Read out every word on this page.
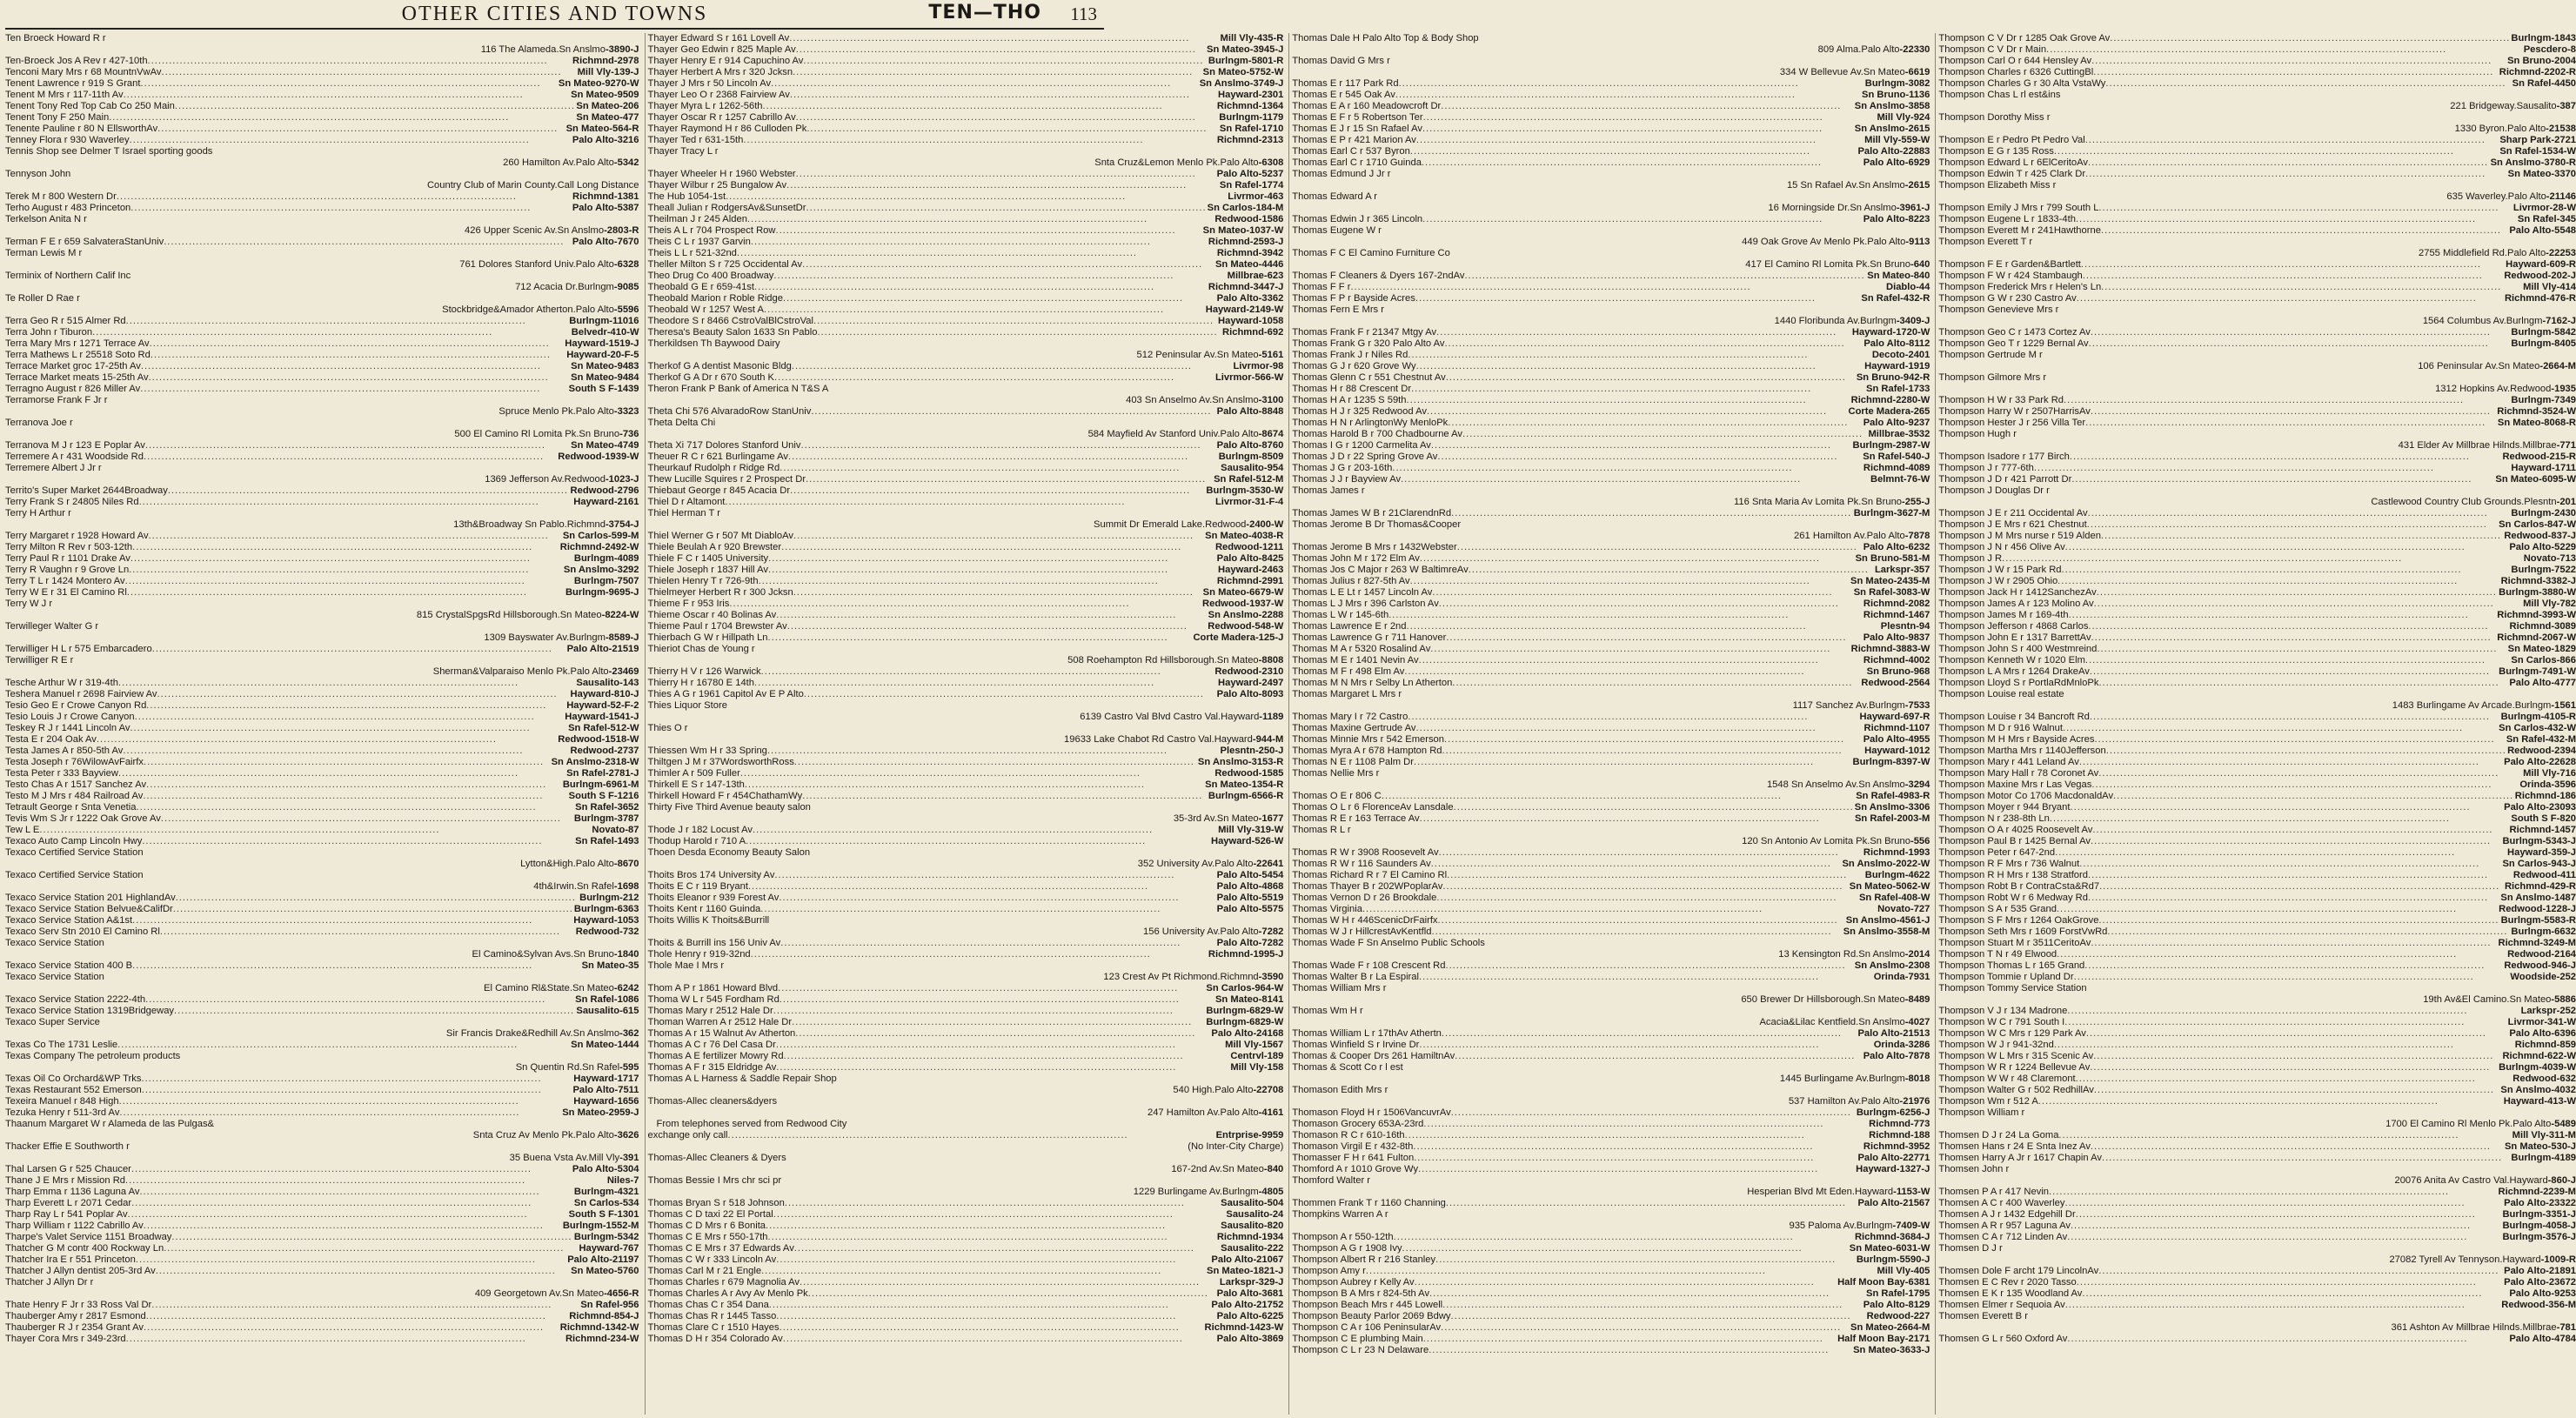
OTHER CITIES AND TOWNS	TEN—THO 113
Ten Broeck Howard R r
116 The Alameda.Sn Anslmo-3890-J
Ten-Broeck Jos A Rev r 427-10th .....	Richmnd-2978
Tenconi Mary Mrs r 68 MountnVwAv .....	Mill Vly-139-J
Tenent Lawrence r 919 S Grant .....	Sn Mateo-9270-W
Tenent M Mrs r 117-11th Av .....	Sn Mateo-9509
Tenent Tony Red Top Cab Co 250 Main .....	Sn Mateo-206
Tenent Tony F 250 Main .....	Sn Mateo-477
Tenente Pauline r 80 N EllsworthAv .....	Sn Mateo-564-R
Tenney Flora r 930 Waverley .....	Palo Alto-3216
Tennis Shop see Delmer T Israel sporting goods
260 Hamilton Av.Palo Alto-5342
Tennyson John
Country Club of Marin County.Call Long Distance
Terek M r 800 Western Dr .....	Richmnd-1381
Terho August r 483 Princeton .....	Palo Alto-5387
Terkelson Anita N r
426 Upper Scenic Av.Sn Anslmo-2803-R
Terman F E r 659 SalvateraStanUniv .....	Palo Alto-7670
Terman Lewis M r
761 Dolores Stanford Univ.Palo Alto-6328
Terminix of Northern Calif Inc
712 Acacia Dr.Burlngm-9085
Te Roller D Rae r
Stockbridge&Amador Atherton.Palo Alto-5596
Terra Geo R r 515 Almer Rd .....	Burlngm-11016
Terra John r Tiburon .....	Belvedr-410-W
Terra Mary Mrs r 1271 Terrace Av .....	Hayward-1519-J
Terra Mathews L r 25518 Soto Rd .....	Hayward-20-F-5
Terrace Market groc 17-25th Av .....	Sn Mateo-9483
Terrace Market meats 15-25th Av .....	Sn Mateo-9484
Terragno August r 826 Miller Av .....	South S F-1439
Terramorse Frank F Jr r
Spruce Menlo Pk.Palo Alto-3323
Terranova Joe r
500 El Camino Rl Lomita Pk.Sn Bruno-736
Terranova M J r 123 E Poplar Av .....	Sn Mateo-4749
Terremere A r 431 Woodside Rd .....	Redwood-1939-W
Terremere Albert J Jr r
1369 Jefferson Av.Redwood-1023-J
Territo's Super Market 2644Broadway .....	Redwood-2796
Terry Frank S r 24805 Niles Rd .....	Hayward-2161
Terry H Arthur r
13th&Broadway Sn Pablo.Richmnd-3754-J
Terry Margaret r 1928 Howard Av .....	Sn Carlos-599-M
Terry Milton R Rev r 503-12th .....	Richmnd-2492-W
Terry Paul R r 1101 Drake Av .....	Burlngm-4089
Terry R Vaughn r 9 Grove Ln .....	Sn Anslmo-3292
Terry T L r 1424 Montero Av .....	Burlngm-7507
Terry W E r 31 El Camino Rl .....	Burlngm-9695-J
Terry W J r
815 CrystalSpgsRd Hillsborough.Sn Mateo-8224-W
Terwilleger Walter G r
1309 Bayswater Av.Burlngm-8589-J
Terwilliger H L r 575 Embarcadero .....	Palo Alto-21519
Terwilliger R E r
Sherman&Valparaiso Menlo Pk.Palo Alto-23469
Tesche Arthur W r 319-4th .....	Sausalito-143
Teshera Manuel r 2698 Fairview Av .....	Hayward-810-J
Tesio Geo E r Crowe Canyon Rd .....	Hayward-52-F-2
Tesio Louis J r Crowe Canyon .....	Hayward-1541-J
Teskey R J r 1441 Lincoln Av .....	Sn Rafel-512-W
Testa E r 204 Oak Av .....	Redwood-1518-W
Testa James A r 850-5th Av .....	Redwood-2737
Testa Joseph r 76WilowAvFairfx .....	Sn Anslmo-2318-W
Testa Peter r 333 Bayview .....	Sn Rafel-2781-J
Testo Chas A r 1517 Sanchez Av .....	Burlngm-6961-M
Testo M J Mrs r 484 Railroad Av .....	South S F-1216
Tetrault George r Snta Venetia .....	Sn Rafel-3652
Tevis Wm S Jr r 1222 Oak Grove Av .....	Burlngm-3787
Tew L E .....	Novato-87
Texaco Auto Camp Lincoln Hwy .....	Sn Rafel-1493
Texaco Certified Service Station
Lytton&High.Palo Alto-8670
Texaco Certified Service Station
4th&Irwin.Sn Rafel-1698
Texaco Service Station 201 HighlandAv .....	Burlngm-212
Texaco Service Station Belvue&CalifDr .....	Burlngm-6363
Texaco Service Station A&1st .....	Hayward-1053
Texaco Serv Stn 2010 El Camino Rl .....	Redwood-732
Texaco Service Station
El Camino&Sylvan Avs.Sn Bruno-1840
Texaco Service Station 400 B .....	Sn Mateo-35
Texaco Service Station
El Camino Rl&State.Sn Mateo-6242
Texaco Service Station 2222-4th .....	Sn Rafel-1086
Texaco Service Station 1319Bridgeway .....	Sausalito-615
Texaco Super Service
Sir Francis Drake&Redhill Av.Sn Anslmo-362
Texas Co The 1731 Leslie .....	Sn Mateo-1444
Texas Company The petroleum products
Sn Quentin Rd.Sn Rafel-595
Texas Oil Co Orchard&WP Trks .....	Hayward-1717
Texas Restaurant 552 Emerson .....	Palo Alto-7511
Texeira Manuel r 848 High .....	Hayward-1656
Tezuka Henry r 511-3rd Av .....	Sn Mateo-2959-J
Thaanum Margaret W r Alameda de las Pulgas&
Snta Cruz Av Menlo Pk.Palo Alto-3626
Thacker Effie E Southworth r
35 Buena Vsta Av.Mill Vly-391
Thal Larsen G r 525 Chaucer .....	Palo Alto-5304
Thane J E Mrs r Mission Rd .....	Niles-7
Tharp Emma r 1136 Laguna Av .....	Burlngm-4321
Tharp Everett L r 2071 Cedar .....	Sn Carlos-534
Tharp Ray L r 541 Poplar Av .....	South S F-1301
Tharp William r 1122 Cabrillo Av .....	Burlngm-1552-M
Tharpe's Valet Service 1151 Broadway .....	Burlngm-5342
Thatcher G M contr 400 Rockway Ln .....	Hayward-767
Thatcher Ira E r 551 Princeton .....	Palo Alto-21197
Thatcher J Allyn dentist 205-3rd Av .....	Sn Mateo-5760
Thatcher J Allyn Dr r
409 Georgetown Av.Sn Mateo-4656-R
Thate Henry F Jr r 33 Ross Val Dr .....	Sn Rafel-956
Thauberger Amy r 2817 Esmond .....	Richmnd-854-J
Thauberger R J r 2354 Grant Av .....	Richmnd-1342-W
Thayer Cora Mrs r 349-23rd .....	Richmnd-234-W
Thayer Edward S r 161 Lovell Av .....	Mill Vly-435-R
Thayer Geo Edwin r 825 Maple Av .....	Sn Mateo-3945-J
Thayer Henry E r 914 Capuchino Av .....	Burlngm-5801-R
Thayer Herbert A Mrs r 320 Jcksn .....	Sn Mateo-5752-W
Thayer J Mrs r 50 Lincoln Av .....	Sn Anslmo-3749-J
Thayer Leo O r 2368 Fairview Av .....	Hayward-2301
Thayer Myra L r 1262-56th .....	Richmnd-1364
Thayer Oscar R r 1257 Cabrillo Av .....	Burlngm-1179
Thayer Raymond H r 86 Culloden Pk .....	Sn Rafel-1710
Thayer Ted r 631-15th .....	Richmnd-2313
Thayer Tracy L r
Snta Cruz&Lemon Menlo Pk.Palo Alto-6308
Thayer Wheeler H r 1960 Webster .....	Palo Alto-5237
Thayer Wilbur r 25 Bungalow Av .....	Sn Rafel-1774
The Hub 1054-1st .....	Livrmor-463
Theall Julian r RodgersAv&SunsetDr .....	Sn Carlos-184-M
Theilman J r 245 Alden .....	Redwood-1586
Theis A L r 704 Prospect Row .....	Sn Mateo-1037-W
Theis C L r 1937 Garvin .....	Richmnd-2593-J
Theis L L r 521-32nd .....	Richmnd-3942
Theller Milton S r 725 Occidental Av .....	Sn Mateo-4446
Theo Drug Co 400 Broadway .....	Millbrae-623
Theobald G E r 659-41st .....	Richmnd-3447-J
Theobald Marion r Roble Ridge .....	Palo Alto-3362
Theobald W r 1257 West A .....	Hayward-2149-W
Theodore S r 8466 CstroValBlCstroVal .....	Hayward-1058
Theresa's Beauty Salon 1633 Sn Pablo .....	Richmnd-692
Therkildsen Th Baywood Dairy
512 Peninsular Av.Sn Mateo-5161
Therkof G A dentist Masonic Bldg .....	Livrmor-98
Therkof G A Dr r 670 South K .....	Livrmor-566-W
Theron Frank P Bank of America N T&S A
403 Sn Anselmo Av.Sn Anslmo-3100
Theta Chi 576 AlvaradoRow StanUniv .....	Palo Alto-8848
Theta Delta Chi
584 Mayfield Av Stanford Univ.Palo Alto-8674
Theta Xi 717 Dolores Stanford Univ .....	Palo Alto-8760
Theuer R C r 621 Burlingame Av .....	Burlngm-8509
Theurkauf Rudolph r Ridge Rd .....	Sausalito-954
Thew Lucille Squires r 2 Prospect Dr .....	Sn Rafel-512-M
Thiebaut George r 845 Acacia Dr .....	Burlngm-3530-W
Thiel D r Altamont .....	Livrmor-31-F-4
Thiel Herman T r
Summit Dr Emerald Lake.Redwood-2400-W
Thiel Werner G r 507 Mt DiabloAv .....	Sn Mateo-4038-R
Thiele Beulah A r 920 Brewster .....	Redwood-1211
Thiele F C r 1405 University .....	Palo Alto-8425
Thiele Joseph r 1837 Hill Av .....	Hayward-2463
Thielen Henry T r 726-9th .....	Richmnd-2991
Thielmeyer Herbert R r 300 Jcksn .....	Sn Mateo-6679-W
Thieme F r 953 Iris .....	Redwood-1937-W
Thieme Oscar r 40 Bolinas Av .....	Sn Anslmo-2288
Thieme Paul r 1704 Brewster Av .....	Redwood-548-W
Thierbach G W r Hillpath Ln .....	Corte Madera-125-J
Thieriot Chas de Young r
508 Roehampton Rd Hillsborough.Sn Mateo-8808
Thierry H V r 126 Warwick .....	Redwood-2310
Thierry H r 16780 E 14th .....	Hayward-2497
Thies A G r 1961 Capitol Av E P Alto .....	Palo Alto-8093
Thies Liquor Store
6139 Castro Val Blvd Castro Val.Hayward-1189
Thies O r
19633 Lake Chabot Rd Castro Val.Hayward-944-M
Thiessen Wm H r 33 Spring .....	Plesntn-250-J
Thiltgen J M r 37WordsworthRoss .....	Sn Anslmo-3153-R
Thimler A r 509 Fuller .....	Redwood-1585
Thirkell E S r 147-13th .....	Sn Mateo-1354-R
Thirkell Howard F r 454ChathamWy .....	Burlngm-6566-R
Thirty Five Third Avenue beauty salon
35-3rd Av.Sn Mateo-1677
Thode J r 182 Locust Av .....	Mill Vly-319-W
Thodup Harold r 710 A .....	Hayward-526-W
Thoen Desda Economy Beauty Salon
352 University Av.Palo Alto-22641
Thoits Bros 174 University Av .....	Palo Alto-5454
Thoits E C r 119 Bryant .....	Palo Alto-4868
Thoits Eleanor r 939 Forest Av .....	Palo Alto-5519
Thoits Kent r 1160 Guinda .....	Palo Alto-5575
Thoits Willis K Thoits&Burrill
156 University Av.Palo Alto-7282
Thoits & Burrill ins 156 Univ Av .....	Palo Alto-7282
Thole Henry r 919-32nd .....	Richmnd-1995-J
Thole Mae I Mrs r
123 Crest Av Pt Richmond.Richmnd-3590
Thom A P r 1861 Howard Blvd .....	Sn Carlos-964-W
Thoma W L r 545 Fordham Rd .....	Sn Mateo-8141
Thomas Mary r 2512 Hale Dr .....	Burlngm-6829-W
Thoman Warren A r 2512 Hale Dr .....	Burlngm-6829-W
Thomas A r 15 Walnut Av Atherton .....	Palo Alto-24168
Thomas A C r 76 Del Casa Dr .....	Mill Vly-1567
Thomas A E fertilizer Mowry Rd .....	Centrvl-189
Thomas A F r 315 Eldridge Av .....	Mill Vly-158
Thomas A L Harness & Saddle Repair Shop
540 High.Palo Alto-22708
Thomas-Allec cleaners&dyers
247 Hamilton Av.Palo Alto-4161
From telephones served from Redwood City
exchange only call .....	Entrprise-9959
(No Inter-City Charge)
Thomas-Allec Cleaners & Dyers
167-2nd Av.Sn Mateo-840
Thomas Bessie I Mrs chr sci pr
1229 Burlingame Av.Burlngm-4805
Thomas Bryan S r 518 Johnson .....	Sausalito-504
Thomas C D taxi 22 El Portal .....	Sausalito-24
Thomas C D Mrs r 6 Bonita .....	Sausalito-820
Thomas C E Mrs r 550-17th .....	Richmnd-1934
Thomas C E Mrs r 37 Edwards Av .....	Sausalito-222
Thomas C W r 333 Lincoln Av .....	Palo Alto-21067
Thomas Carl M r 21 Engle .....	Sn Mateo-1821-J
Thomas Charles r 679 Magnolia Av .....	Larkspr-329-J
Thomas Charles A r Avy Av Menlo Pk .....	Palo Alto-3681
Thomas Chas C r 354 Dana .....	Palo Alto-21752
Thomas Chas R r 1445 Tasso .....	Palo Alto-6225
Thomas Clare C r 1510 Hayes .....	Richmnd-1423-W
Thomas D H r 354 Colorado Av .....	Palo Alto-3869
Thomas Dale H Palo Alto Top & Body Shop
809 Alma.Palo Alto-22330
Thomas David G Mrs r
334 W Bellevue Av.Sn Mateo-6619
Thomas E r 117 Park Rd .....	Burlngm-3082
Thomas E r 545 Oak Av .....	Sn Bruno-1136
Thomas E A r 160 Meadowcroft Dr .....	Sn Anslmo-3858
Thomas E F r 5 Robertson Ter .....	Mill Vly-924
Thomas E J r 15 Sn Rafael Av .....	Sn Anslmo-2615
Thomas E P r 421 Marion Av .....	Mill Vly-559-W
Thomas Earl C r 537 Byron .....	Palo Alto-22883
Thomas Earl C r 1710 Guinda .....	Palo Alto-6929
Thomas Edmund J Jr r
15 Sn Rafael Av.Sn Anslmo-2615
Thomas Edward A r
16 Morningside Dr.Sn Anslmo-3961-J
Thomas Edwin J r 365 Lincoln .....	Palo Alto-8223
Thomas Eugene W r
449 Oak Grove Av Menlo Pk.Palo Alto-9113
Thomas F C El Camino Furniture Co
417 El Camino Rl Lomita Pk.Sn Bruno-640
Thomas F Cleaners & Dyers 167-2ndAv .....	Sn Mateo-840
Thomas F F r .....	Diablo-44
Thomas F P r Bayside Acres .....	Sn Rafel-432-R
Thomas Fern E Mrs r
1440 Floribunda Av.Burlngm-3409-J
Thomas Frank F r 21347 Mtgy Av .....	Hayward-1720-W
Thomas Frank G r 320 Palo Alto Av .....	Palo Alto-8112
Thomas Frank J r Niles Rd .....	Decoto-2401
Thomas G J r 620 Grove Wy .....	Hayward-1919
Thomas Glenn C r 551 Chestnut Av .....	Sn Bruno-942-R
Thomas H r 88 Crescent Dr .....	Sn Rafel-1733
Thomas H A r 1235 S 59th .....	Richmnd-2280-W
Thomas H J r 325 Redwood Av .....	Corte Madera-265
Thomas H N r ArlingtonWy MenloPk .....	Palo Alto-9237
Thomas Harold B r 700 Chadbourne Av .....	Millbrae-3532
Thomas I G r 1200 Carmelita Av .....	Burlngm-2987-W
Thomas J D r 22 Spring Grove Av .....	Sn Rafel-540-J
Thomas J G r 203-16th .....	Richmnd-4089
Thomas J J r Bayview Av .....	Belmnt-76-W
Thomas James r
116 Snta Maria Av Lomita Pk.Sn Bruno-255-J
Thomas James W B r 21ClarendnRd .....	Burlngm-3627-M
Thomas Jerome B Dr Thomas&Cooper
261 Hamilton Av.Palo Alto-7878
Thomas Jerome B Mrs r 1432Webster .....	Palo Alto-6232
Thomas John M r 172 Elm Av .....	Sn Bruno-581-M
Thomas Jos C Major r 263 W BaltimreAv .....	Larkspr-357
Thomas Julius r 827-5th Av .....	Sn Mateo-2435-M
Thomas L E Lt r 1457 Lincoln Av .....	Sn Rafel-3083-W
Thomas L J Mrs r 396 Carlston Av .....	Richmnd-2082
Thomas L W r 145-6th .....	Richmnd-1467
Thomas Lawrence E r 2nd .....	Plesntn-94
Thomas Lawrence G r 711 Hanover .....	Palo Alto-9837
Thomas M A r 5320 Rosalind Av .....	Richmnd-3883-W
Thomas M E r 1401 Nevin Av .....	Richmnd-4002
Thomas M F r 498 Elm Av .....	Sn Bruno-968
Thomas M N Mrs r Selby Ln Atherton .....	Redwood-2564
Thomas Margaret L Mrs r
1117 Sanchez Av.Burlngm-7533
Thomas Mary I r 72 Castro .....	Hayward-697-R
Thomas Maxine Gertrude Av .....	Richmnd-1107
Thomas Minnie Mrs r 542 Emerson .....	Palo Alto-4955
Thomas Myra A r 678 Hampton Rd .....	Hayward-1012
Thomas N E r 1108 Palm Dr .....	Burlngm-8397-W
Thomas Nellie Mrs r
1548 Sn Anselmo Av.Sn Anslmo-3294
Thomas O E r 806 C .....	Sn Rafel-4983-R
Thomas O L r 6 FlorenceAv Lansdale .....	Sn Anslmo-3306
Thomas R E r 163 Terrace Av .....	Sn Rafel-2003-M
Thomas R L r
120 Sn Antonio Av Lomita Pk.Sn Bruno-556
Thomas R W r 3908 Roosevelt Av .....	Richmnd-1993
Thomas R W r 116 Saunders Av .....	Sn Anslmo-2022-W
Thomas Richard R r 7 El Camino Rl .....	Burlngm-4622
Thomas Thayer B r 202WPoplarAv .....	Sn Mateo-5062-W
Thomas Vernon D r 26 Brookdale .....	Sn Rafel-408-W
Thomas Virginia .....	Novato-727
Thomas W H r 446ScenicDrFairfx .....	Sn Anslmo-4561-J
Thomas W J r HillcrestAvKentfld .....	Sn Anslmo-3558-M
Thomas Wade F Sn Anselmo Public Schools
13 Kensington Rd.Sn Anslmo-2014
Thomas Wade F r 108 Crescent Rd .....	Sn Anslmo-2308
Thomas Walter B r La Espiral .....	Orinda-7931
Thomas William Mrs r
650 Brewer Dr Hillsborough.Sn Mateo-8489
Thomas Wm H r
Acacia&Lilac Kentfield.Sn Anslmo-4027
Thomas William L r 17thAv Athertn .....	Palo Alto-21513
Thomas Winfield S r Irvine Dr .....	Orinda-3286
Thomas & Cooper Drs 261 HamiltnAv .....	Palo Alto-7878
Thomas & Scott Co r l est
1445 Burlingame Av.Burlngm-8018
Thomason Edith Mrs r
537 Hamilton Av.Palo Alto-21976
Thomason Floyd H r 1506VancuvrAv .....	Burlngm-6256-J
Thomason Grocery 653A-23rd .....	Richmnd-773
Thomason R C r 610-16th .....	Richmnd-188
Thomason Virgil E r 432-8th .....	Richmnd-3952
Thomasser F H r 641 Fulton .....	Palo Alto-22771
Thomford A r 1010 Grove Wy .....	Hayward-1327-J
Thomford Walter r
Hesperian Blvd Mt Eden.Hayward-1153-W
Thommen Frank T r 1160 Channing .....	Palo Alto-21567
Thompkins Warren A r
935 Paloma Av.Burlngm-7409-W
Thompson A r 550-12th .....	Richmnd-3684-J
Thompson A G r 1908 Ivy .....	Sn Mateo-6031-W
Thompson Albert R r 216 Stanley .....	Burlngm-5590-J
Thompson Amy r .....	Mill Vly-405
Thompson Aubrey r Kelly Av .....	Half Moon Bay-6381
Thompson B A Mrs r 824-5th Av .....	Sn Rafel-1795
Thompson Beach Mrs r 445 Lowell .....	Palo Alto-8129
Thompson Beauty Parlor 2069 Bdwy .....	Redwood-227
Thompson C A r 106 PeninsularAv .....	Sn Mateo-2664-M
Thompson C E plumbing Main .....	Half Moon Bay-2171
Thompson C L r 23 N Delaware .....	Sn Mateo-3633-J
Thompson C V Dr r 1285 Oak Grove Av .....	Burlngm-1843
Thompson C V Dr r Main .....	Pescdero-8
Thompson Carl O r 644 Hensley Av .....	Sn Bruno-2004
Thompson Charles r 6326 CuttingBl .....	Richmnd-2202-R
Thompson Charles G r 30 Alta VstaWy .....	Sn Rafel-4450
Thompson Chas L rl est&ins
221 Bridgeway.Sausalito-387
Thompson Dorothy Miss r
1330 Byron.Palo Alto-21538
Thompson E r Pedro Pt Pedro Val .....	Sharp Park-2721
Thompson E G r 135 Ross .....	Sn Rafel-1534-W
Thompson Edward L r 6ElCeritoAv .....	Sn Anslmo-3780-R
Thompson Edwin T r 425 Clark Dr .....	Sn Mateo-3370
Thompson Elizabeth Miss r
635 Waverley.Palo Alto-21146
Thompson Emily J Mrs r 799 South L .....	Livrmor-28-W
Thompson Eugene L r 1833-4th .....	Sn Rafel-345
Thompson Everett M r 241Hawthorne .....	Palo Alto-5548
Thompson Everett T r
2755 Middlefield Rd.Palo Alto-22253
Thompson F E r Garden&Bartlett .....	Hayward-609-R
Thompson F W r 424 Stambaugh .....	Redwood-202-J
Thompson Frederick Mrs r Helen's Ln .....	Mill Vly-414
Thompson G W r 230 Castro Av .....	Richmnd-476-R
Thompson Genevieve Mrs r
1564 Columbus Av.Burlngm-7162-J
Thompson Geo C r 1473 Cortez Av .....	Burlngm-5842
Thompson Geo T r 1229 Bernal Av .....	Burlngm-8405
Thompson Gertrude M r
106 Peninsular Av.Sn Mateo-2664-M
Thompson Gilmore Mrs r
1312 Hopkins Av.Redwood-1935
Thompson H W r 33 Park Rd .....	Burlngm-7349
Thompson Harry W r 2507HarrisAv .....	Richmnd-3524-W
Thompson Hester J r 256 Villa Ter .....	Sn Mateo-8068-R
Thompson Hugh r
431 Elder Av Millbrae Hilnds.Millbrae-771
Thompson Isadore r 177 Birch .....	Redwood-215-R
Thompson J r 777-6th .....	Hayward-1711
Thompson J D r 421 Parrott Dr .....	Sn Mateo-6095-W
Thompson J Douglas Dr r
Castlewood Country Club Grounds.Plesntn-201
Thompson J E r 211 Occidental Av .....	Burlngm-2430
Thompson J E Mrs r 621 Chestnut .....	Sn Carlos-847-W
Thompson J M Mrs nurse r 519 Alden .....	Redwood-837-J
Thompson J N r 456 Olive Av .....	Palo Alto-5229
Thompson J R .....	Novato-713
Thompson J W r 15 Park Rd .....	Burlngm-7522
Thompson J W r 2905 Ohio .....	Richmnd-3382-J
Thompson Jack H r 1412SanchezAv .....	Burlngm-3880-W
Thompson James A r 123 Molino Av .....	Mill Vly-782
Thompson James M r 169-4th .....	Richmnd-3993-W
Thompson Jefferson r 4868 Carlos .....	Richmnd-3089
Thompson John E r 1317 BarrettAv .....	Richmnd-2067-W
Thompson John S r 400 Westmreind .....	Sn Mateo-1829
Thompson Kenneth W r 1020 Elm .....	Sn Carlos-866
Thompson L A Mrs r 1264 DrakeAv .....	Burlngm-7491-W
Thompson Lloyd S r PortlaRdMnloPk .....	Palo Alto-4777
Thompson Louise real estate
1483 Burlingame Av Arcade.Burlngm-1561
Thompson Louise r 34 Bancroft Rd .....	Burlngm-4105-R
Thompson M D r 916 Walnut .....	Sn Carlos-432-W
Thompson M H Mrs r Bayside Acres .....	Sn Rafel-432-M
Thompson Martha Mrs r 1140Jefferson .....	Redwood-2394
Thompson Mary r 441 Leland Av .....	Palo Alto-22628
Thompson Mary Hall r 78 Coronet Av .....	Mill Vly-716
Thompson Maxine Mrs r Las Vegas .....	Orinda-3596
Thompson Motor Co 1706 MacdonaldAv .....	Richmnd-186
Thompson Moyer r 944 Bryant .....	Palo Alto-23093
Thompson N r 238-8th Ln .....	South S F-820
Thompson O A r 4025 Roosevelt Av .....	Richmnd-1457
Thompson Paul B r 1425 Bernal Av .....	Burlngm-5343-J
Thompson Peter r 647-2nd .....	Hayward-359-J
Thompson R F Mrs r 736 Walnut .....	Sn Carlos-943-J
Thompson R H Mrs r 138 Stratford .....	Redwood-411
Thompson Robt B r ContraCsta&Rd7 .....	Richmnd-429-R
Thompson Robt W r 6 Medway Rd .....	Sn Anslmo-1487
Thompson S A r 535 Grand .....	Redwood-1228-J
Thompson S F Mrs r 1264 OakGrove .....	Burlngm-5583-R
Thompson Seth Mrs r 1609 ForstVwRd .....	Burlngm-6632
Thompson Stuart M r 3511CeritoAv .....	Richmnd-3249-M
Thompson T N r 49 Elwood .....	Redwood-2164
Thompson Thomas L r 165 Grand .....	Redwood-946-J
Thompson Tommie r Upland Dr .....	Woodside-252
Thompson Tommy Service Station
19th Av&El Camino.Sn Mateo-5886
Thompson V J r 134 Madrone .....	Larkspr-252
Thompson W C r 791 South I .....	Livrmor-341-W
Thompson W C Mrs r 129 Park Av .....	Palo Alto-6396
Thompson W J r 941-32nd .....	Richmnd-859
Thompson W L Mrs r 315 Scenic Av .....	Richmnd-622-W
Thompson W R r 1224 Bellevue Av .....	Burlngm-4039-W
Thompson W W r 48 Claremont .....	Redwood-632
Thompson Walter G r 502 RedhillAv .....	Sn Anslmo-4032
Thompson Wm r 512 A .....	Hayward-413-W
Thompson William r
1700 El Camino Rl Menlo Pk.Palo Alto-5489
Thomsen D J r 24 La Goma .....	Mill Vly-311-M
Thomsen Hans r 24 E Snta Inez Av .....	Sn Mateo-530-J
Thomsen Harry A Jr r 1617 Chapin Av .....	Burlngm-4189
Thomsen John r
20076 Anita Av Castro Val.Hayward-860-J
Thomsen P A r 417 Nevin .....	Richmnd-2239-M
Thomsen A C r 400 Waverley .....	Palo Alto-23322
Thomsen A J r 1432 Edgehill Dr .....	Burlngm-3351-J
Thomsen A R r 957 Laguna Av .....	Burlngm-4058-J
Thomsen C A r 712 Linden Av .....	Burlngm-3576-J
Thomsen D J r
27082 Tyrell Av Tennyson.Hayward-1009-R
Thomsen Dole F archt 179 LincolnAv .....	Palo Alto-21891
Thomsen E C Rev r 2020 Tasso .....	Palo Alto-23672
Thomsen E K r 135 Woodland Av .....	Palo Alto-9253
Thomsen Elmer r Sequoia Av .....	Redwood-356-M
Thomsen Everett B r
361 Ashton Av Millbrae Hilnds.Millbrae-781
Thomsen G L r 560 Oxford Av .....	Palo Alto-4784
